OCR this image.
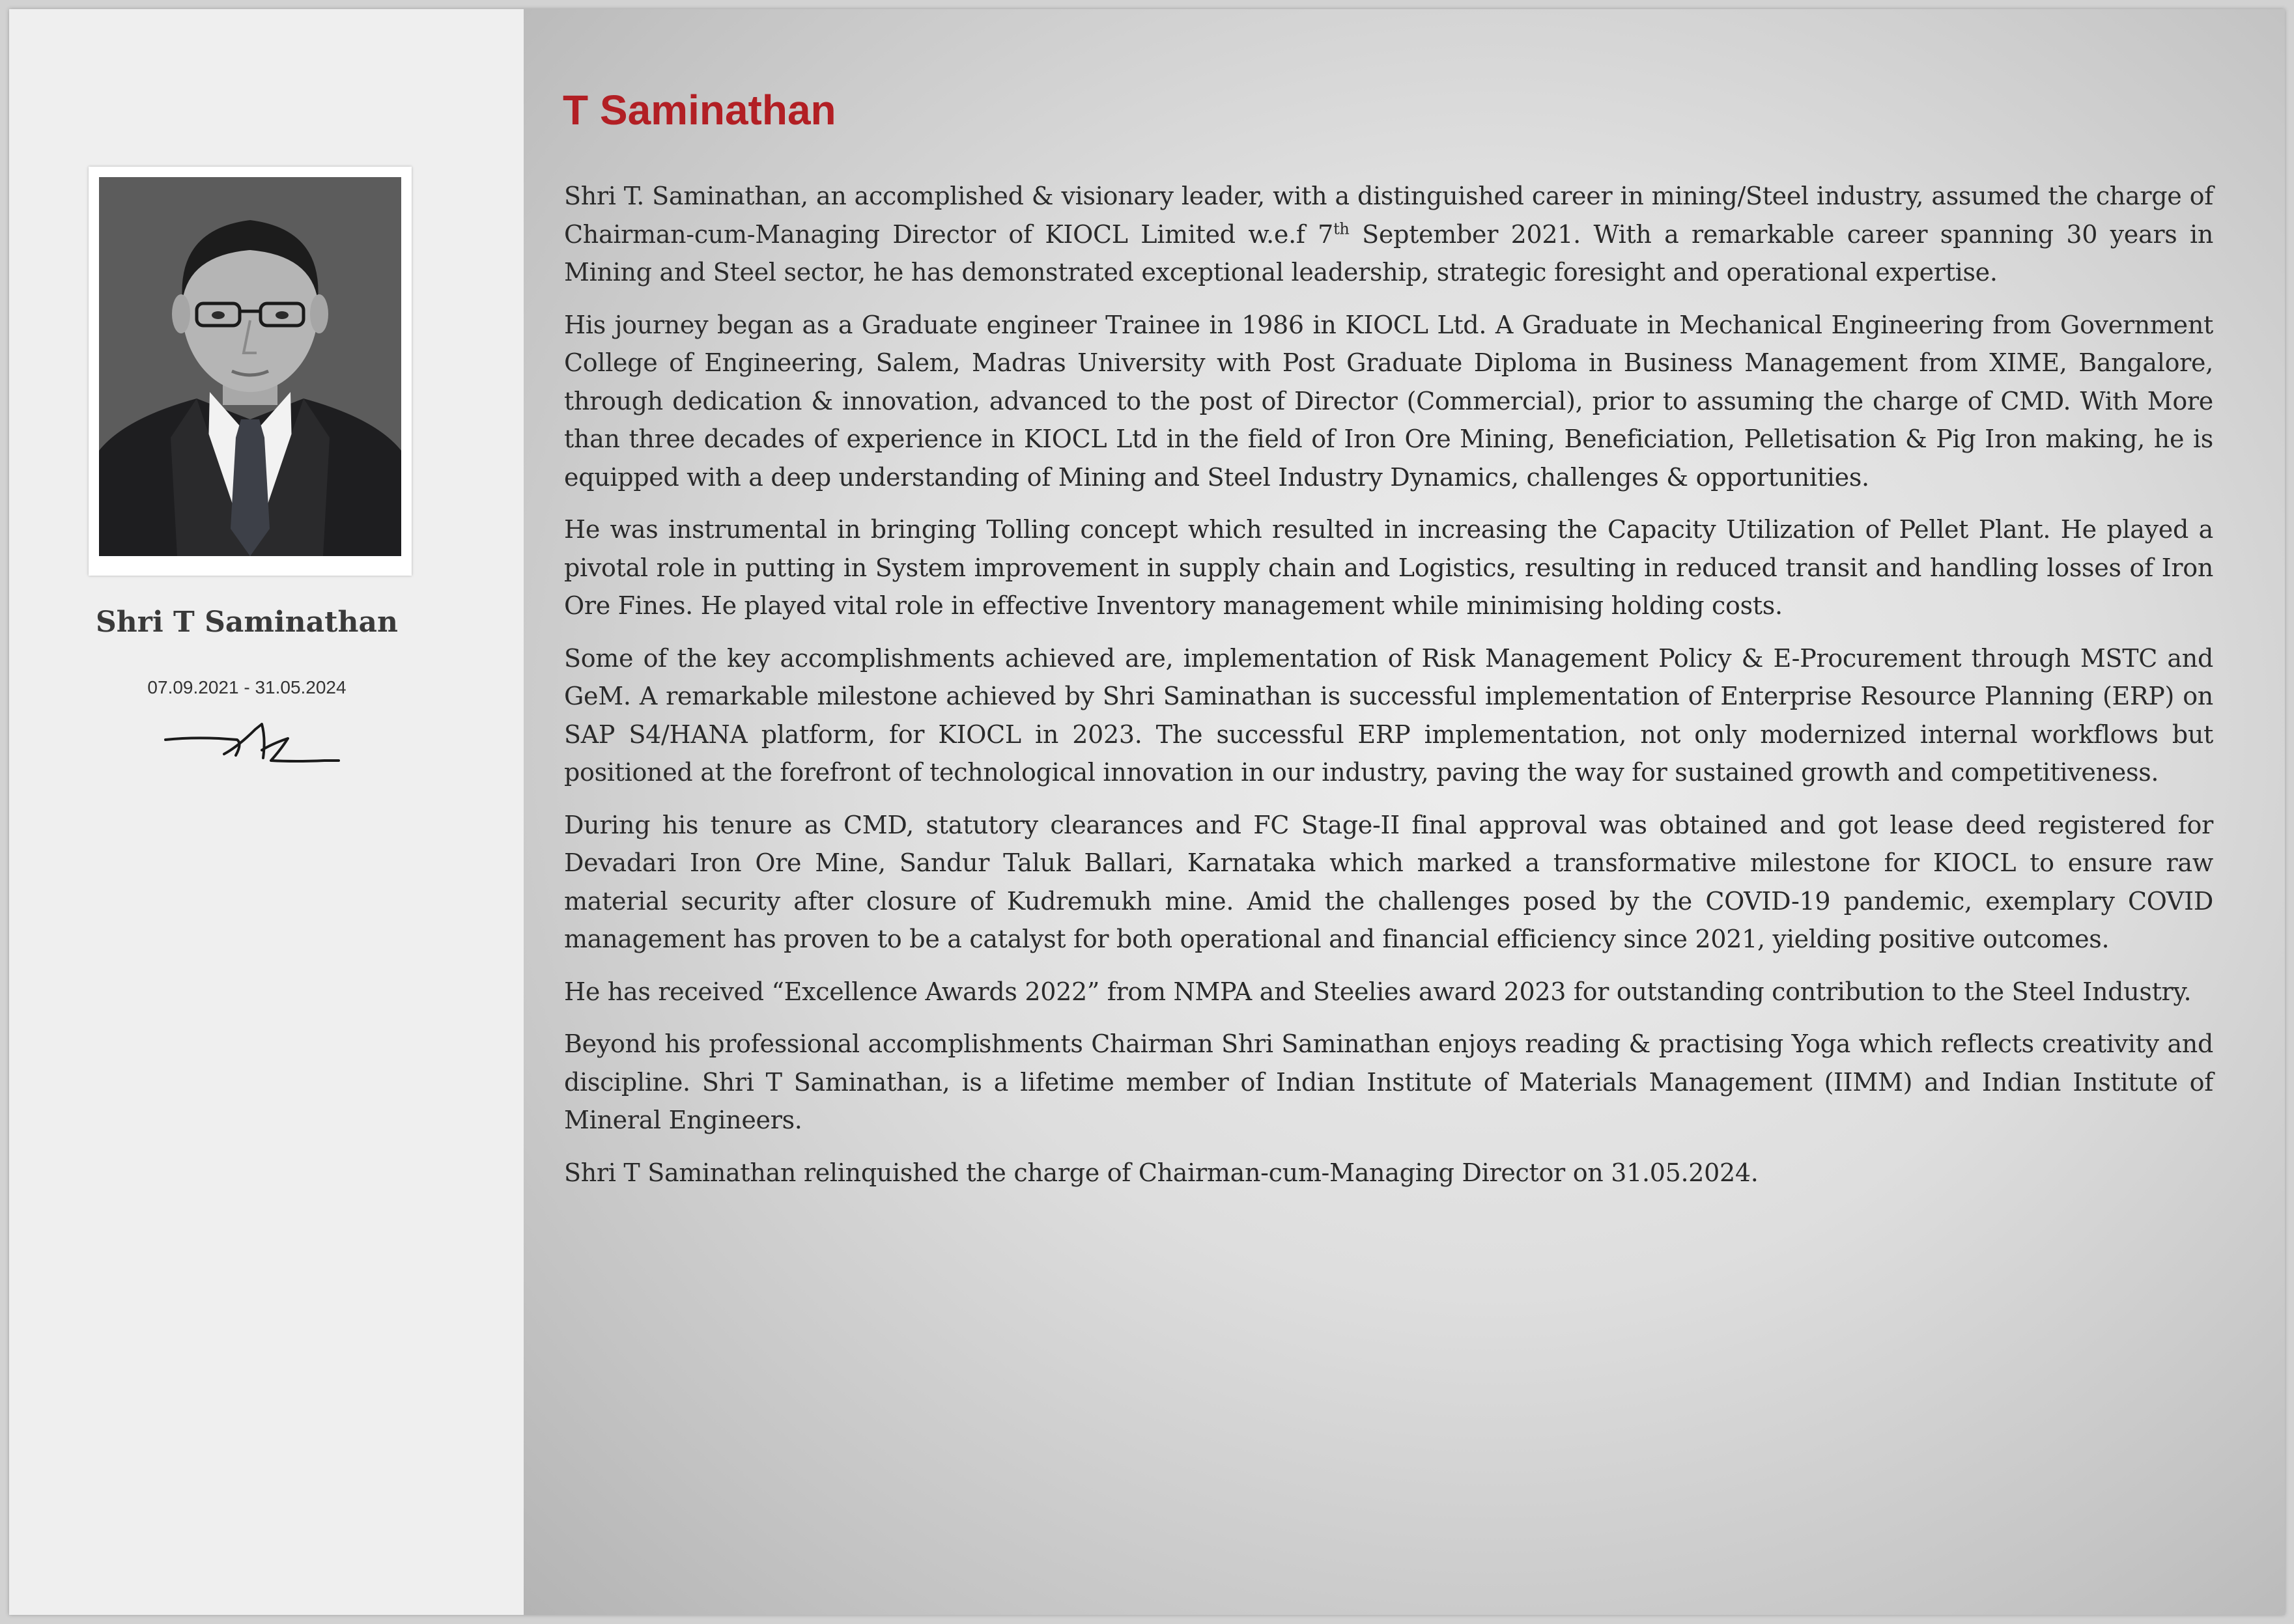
Shri T Saminathan
07.09.2021 - 31.05.2024
T Saminathan

Shri T. Saminathan, an accomplished & visionary leader, with a distinguished career in mining/Steel industry, assumed the charge of Chairman-cum-Managing Director of KIOCL Limited w.e.f 7th September 2021. With a remarkable career spanning 30 years in Mining and Steel sector, he has demonstrated exceptional leadership, strategic foresight and operational expertise.

His journey began as a Graduate engineer Trainee in 1986 in KIOCL Ltd. A Graduate in Mechanical Engineering from Government College of Engineering, Salem, Madras University with Post Graduate Diploma in Business Management from XIME, Bangalore, through dedication & innovation, advanced to the post of Director (Commercial), prior to assuming the charge of CMD. With More than three decades of experience in KIOCL Ltd in the field of Iron Ore Mining, Beneficiation, Pelletisation & Pig Iron making, he is equipped with a deep understanding of Mining and Steel Industry Dynamics, challenges & opportunities.

He was instrumental in bringing Tolling concept which resulted in increasing the Capacity Utilization of Pellet Plant. He played a pivotal role in putting in System improvement in supply chain and Logistics, resulting in reduced transit and handling losses of Iron Ore Fines. He played vital role in effective Inventory management while minimising holding costs.

Some of the key accomplishments achieved are, implementation of Risk Management Policy & E-Procurement through MSTC and GeM. A remarkable milestone achieved by Shri Saminathan is successful implementation of Enterprise Resource Planning (ERP) on SAP S4/HANA platform, for KIOCL in 2023. The successful ERP implementation, not only modernized internal workflows but positioned at the forefront of technological innovation in our industry, paving the way for sustained growth and competitiveness.

During his tenure as CMD, statutory clearances and FC Stage-II final approval was obtained and got lease deed registered for Devadari Iron Ore Mine, Sandur Taluk Ballari, Karnataka which marked a transformative milestone for KIOCL to ensure raw material security after closure of Kudremukh mine. Amid the challenges posed by the COVID-19 pandemic, exemplary COVID management has proven to be a catalyst for both operational and financial efficiency since 2021, yielding positive outcomes.

He has received “Excellence Awards 2022” from NMPA and Steelies award 2023 for outstanding contribution to the Steel Industry.

Beyond his professional accomplishments Chairman Shri Saminathan enjoys reading & practising Yoga which reflects creativity and discipline. Shri T Saminathan, is a lifetime member of Indian Institute of Materials Management (IIMM) and Indian Institute of Mineral Engineers.

Shri T Saminathan relinquished the charge of Chairman-cum-Managing Director on 31.05.2024.
